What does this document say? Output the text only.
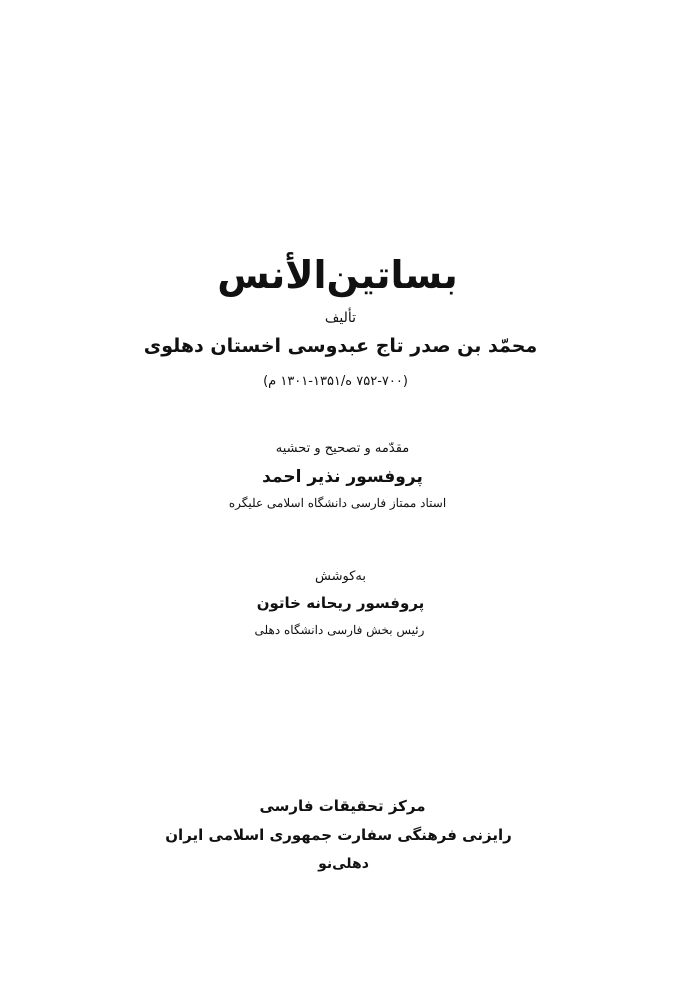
بساتين‌الأنس
تألیف
محمّد بن صدر تاج عبدوسی اخستان دهلوی
(۷۵۲-۷۰۰ ه/۱۳۵۱-۱۳۰۱ م)
مقدّمه و تصحیح و تحشیه
پروفسور نذیر احمد
استاد ممتاز فارسی دانشگاه اسلامی علیگره
به‌کوشش
پروفسور ریحانه خاتون
رئیس بخش فارسی دانشگاه دهلی
مرکز تحقیقات فارسی
رایزنی فرهنگی سفارت جمهوری اسلامی ایران
دهلی‌نو
